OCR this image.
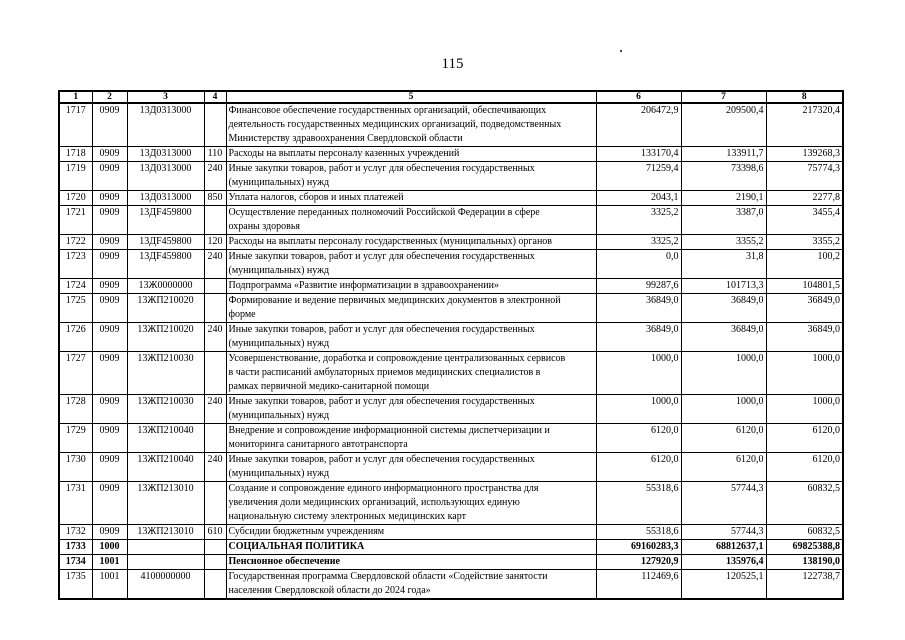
115
1	2	3	4	5	6	7	8
1717	0909	13Д0313000		Финансовое обеспечение государственных организаций, обеспечивающих
деятельность государственных медицинских организаций, подведомственных
Министерству здравоохранения Свердловской области	206472,9	209500,4	217320,4
1718	0909	13Д0313000	110	Расходы на выплаты персоналу казенных учреждений	133170,4	133911,7	139268,3
1719	0909	13Д0313000	240	Иные закупки товаров, работ и услуг для обеспечения государственных
(муниципальных) нужд	71259,4	73398,6	75774,3
1720	0909	13Д0313000	850	Уплата налогов, сборов и иных платежей	2043,1	2190,1	2277,8
1721	0909	13ДF459800		Осуществление переданных полномочий Российской Федерации в сфере
охраны здоровья	3325,2	3387,0	3455,4
1722	0909	13ДF459800	120	Расходы на выплаты персоналу государственных (муниципальных) органов	3325,2	3355,2	3355,2
1723	0909	13ДF459800	240	Иные закупки товаров, работ и услуг для обеспечения государственных
(муниципальных) нужд	0,0	31,8	100,2
1724	0909	13Ж0000000		Подпрограмма «Развитие информатизации в здравоохранении»	99287,6	101713,3	104801,5
1725	0909	13ЖП210020		Формирование и ведение первичных медицинских документов в электронной
форме	36849,0	36849,0	36849,0
1726	0909	13ЖП210020	240	Иные закупки товаров, работ и услуг для обеспечения государственных
(муниципальных) нужд	36849,0	36849,0	36849,0
1727	0909	13ЖП210030		Усовершенствование, доработка и сопровождение централизованных сервисов
в части расписаний амбулаторных приемов медицинских специалистов в
рамках первичной медико-санитарной помощи	1000,0	1000,0	1000,0
1728	0909	13ЖП210030	240	Иные закупки товаров, работ и услуг для обеспечения государственных
(муниципальных) нужд	1000,0	1000,0	1000,0
1729	0909	13ЖП210040		Внедрение и сопровождение информационной системы диспетчеризации и
мониторинга санитарного автотранспорта	6120,0	6120,0	6120,0
1730	0909	13ЖП210040	240	Иные закупки товаров, работ и услуг для обеспечения государственных
(муниципальных) нужд	6120,0	6120,0	6120,0
1731	0909	13ЖП213010		Создание и сопровождение единого информационного пространства для
увеличения доли медицинских организаций, использующих единую
национальную систему электронных медицинских карт	55318,6	57744,3	60832,5
1732	0909	13ЖП213010	610	Субсидии бюджетным учреждениям	55318,6	57744,3	60832,5
1733	1000			СОЦИАЛЬНАЯ ПОЛИТИКА	69160283,3	68812637,1	69825388,8
1734	1001			Пенсионное обеспечение	127920,9	135976,4	138190,0
1735	1001	4100000000		Государственная программа Свердловской области «Содействие занятости
населения Свердловской области до 2024 года»	112469,6	120525,1	122738,7
